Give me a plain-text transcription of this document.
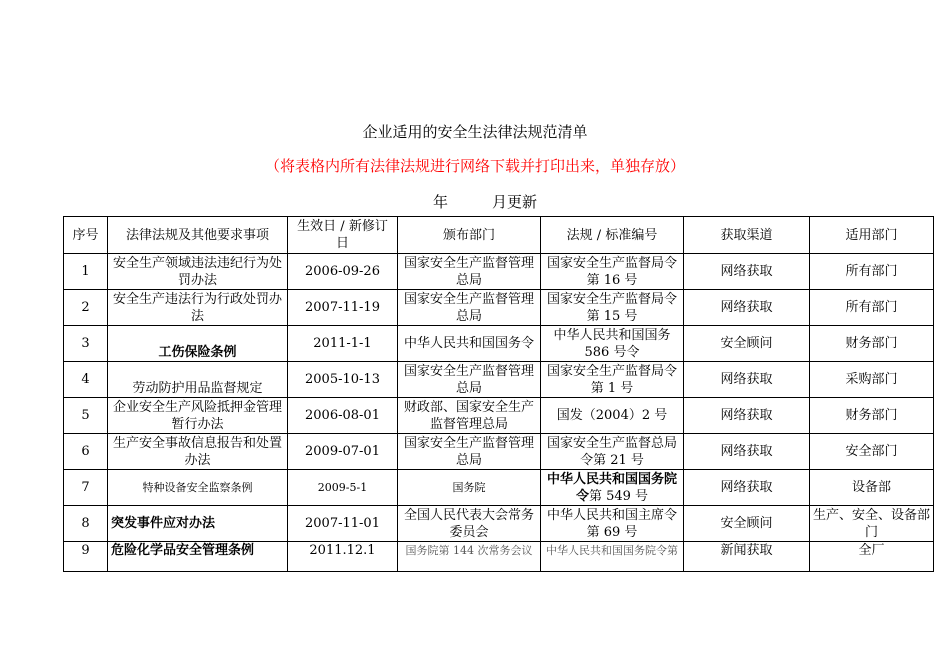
企业适用的安全生法律法规范清单
（将表格内所有法律法规进行网络下载并打印出来，单独存放）
年	月更新
序号	法律法规及其他要求事项	生效日 / 新修订日	颁布部门	法规 / 标准编号	获取渠道	适用部门
1	安全生产领域违法违纪行为处罚办法	2006-09-26	国家安全生产监督管理总局	国家安全生产监督局令第 16 号	网络获取	所有部门
2	安全生产违法行为行政处罚办法	2007-11-19	国家安全生产监督管理总局	国家安全生产监督局令第 15 号	网络获取	所有部门
3	工伤保险条例	2011-1-1	中华人民共和国国务令	中华人民共和国国务586 号令	安全顾问	财务部门
4	劳动防护用品监督规定	2005-10-13	国家安全生产监督管理总局	国家安全生产监督局令第 1 号	网络获取	采购部门
5	企业安全生产风险抵押金管理暂行办法	2006-08-01	财政部、国家安全生产监督管理总局	国发（2004）2 号	网络获取	财务部门
6	生产安全事故信息报告和处置办法	2009-07-01	国家安全生产监督管理总局	国家安全生产监督总局令第 21 号	网络获取	安全部门
7	特种设备安全监察条例	2009-5-1	国务院	中华人民共和国国务院令第 549 号	网络获取	设备部
8	突发事件应对办法	2007-11-01	全国人民代表大会常务委员会	中华人民共和国主席令第 69 号	安全顾问	生产、安全、设备部门
9	危险化学品安全管理条例	2011.12.1	国务院第 144 次常务会议	中华人民共和国国务院令第	新闻获取	全厂
